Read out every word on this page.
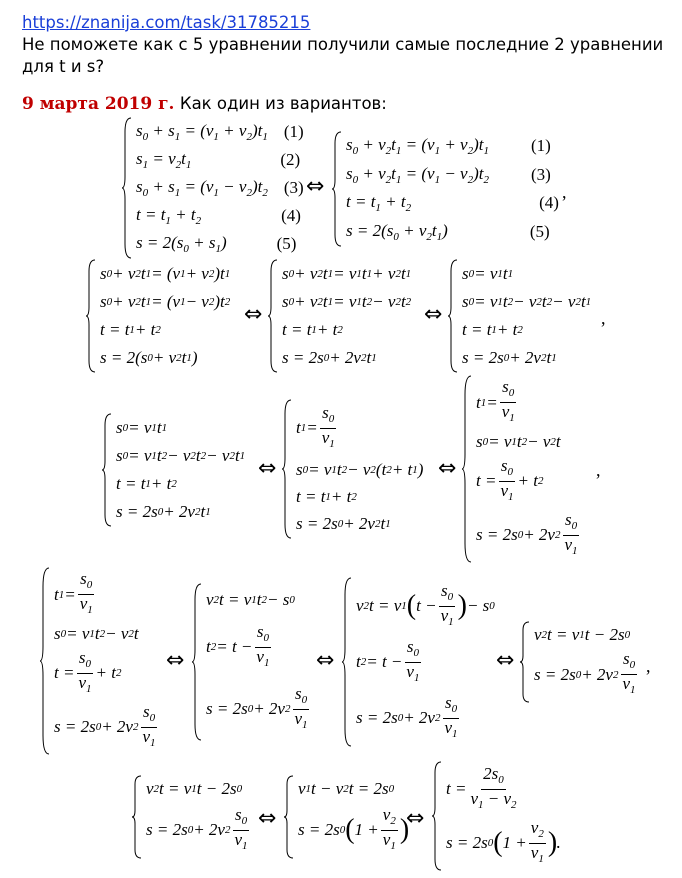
https://znanija.com/task/31785215
Не поможете как с 5 уравнении получили самые последние 2 уравнении для t и s?
9 марта 2019 г. Как один из вариантов:
$s_0 + s_1 = (v_1 + v_2)t_1$ (1)
$s_1 = v_2t_1$	(2)
$s_0 + s_1 = (v_1 - v_2)t_2$ (3)
$t = t_1 + t_2$	(4)
$s = 2(s_0 + s_1)$	(5)
⇔
$s_0 + v_2t_1 = (v_1 + v_2)t_1$ (1)
$s_0 + v_2t_1 = (v_1 - v_2)t_2$ (3)
$t = t_1 + t_2$	(4)
$s = 2(s_0 + v_2t_1)$	(5)
,
s 0 + v 2 t 1 = (v 1 + v 2 )t 1
s 0 + v 2 t 1 = (v 1 − v 2 )t 2
t = t 1 + t 2
s = 2(s 0 + v 2 t 1 )
⇔
s 0 + v 2 t 1 = v 1 t 1 + v 2 t 1
s 0 + v 2 t 1 = v 1 t 2 − v 2 t 2
t = t 1 + t 2
s = 2s 0 + 2v 2 t 1
⇔
s 0 = v 1 t 1
s 0 = v 1 t 2 − v 2 t 2 − v 2 t 1
t = t 1 + t 2
s = 2s 0 + 2v 2 t 1
,
s 0 = v 1 t 1
s 0 = v 1 t 2 − v 2 t 2 − v 2 t 1
t = t 1 + t 2
s = 2s 0 + 2v 2 t 1
⇔
t $1 = \frac{s_0}{v_1}$
s 0 = v 1 t 2 − v 2 (t 2 + t 1 )
t = t 1 + t 2
s = 2s 0 + 2v 2 t 1
⇔
t $1 = \frac{s_0}{v_1}$
s 0 = v 1 t 2 − v 2 t
$t = \frac{s_0}{v_1} + t$ 2
s = 2s 0 + 2v $2 \frac{s_0}{v_1}$
,
t $1 = \frac{s_0}{v_1}$
s 0 = v 1 t 2 − v 2 t
$t = \frac{s_0}{v_1} + t$ 2
s = 2s 0 + 2v $2 \frac{s_0}{v_1}$
⇔
v 2 t = v 1 t 2 − s 0
t $2 = t - \frac{s_0}{v_1}$
s = 2s 0 + 2v $2 \frac{s_0}{v_1}$
⇔
v 2 t = v 1 ( $t - \frac{s_0}{v_1}$ ) − s 0
t $2 = t - \frac{s_0}{v_1}$
s = 2s 0 + 2v $2 \frac{s_0}{v_1}$
⇔
v 2 t = v 1 t − 2s 0
s = 2s 0 + 2v $2 \frac{s_0}{v_1}$ ,
v 2 t = v 1 t − 2s 0
s = 2s 0 + 2v $2 \frac{s_0}{v_1}$ ⇔
v 1 t − v 2 t = 2s 0
s = 2s 0 ( $1 + \frac{v_2}{v_1}$ )
⇔
$t = \frac{2s_0}{v_1 - v_2}$
s = 2s 0 ( $1 + \frac{v_2}{v_1}$ )
.
